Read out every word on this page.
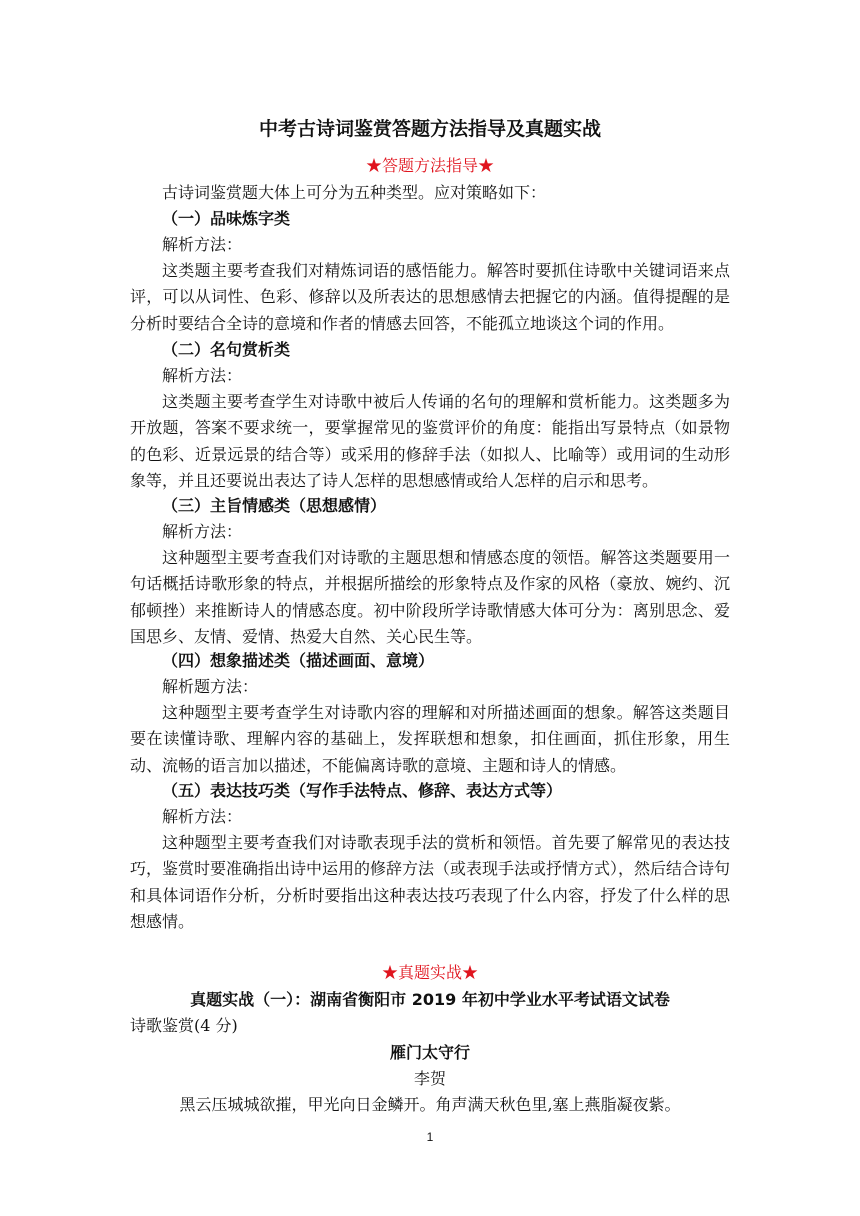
中考古诗词鉴赏答题方法指导及真题实战

★答题方法指导★

古诗词鉴赏题大体上可分为五种类型。应对策略如下：

（一）品味炼字类

解析方法：

这类题主要考查我们对精炼词语的感悟能力。解答时要抓住诗歌中关键词语来点评，可以从词性、色彩、修辞以及所表达的思想感情去把握它的内涵。值得提醒的是分析时要结合全诗的意境和作者的情感去回答，不能孤立地谈这个词的作用。

（二）名句赏析类

解析方法：

这类题主要考查学生对诗歌中被后人传诵的名句的理解和赏析能力。这类题多为开放题，答案不要求统一，要掌握常见的鉴赏评价的角度：能指出写景特点（如景物的色彩、近景远景的结合等）或采用的修辞手法（如拟人、比喻等）或用词的生动形象等，并且还要说出表达了诗人怎样的思想感情或给人怎样的启示和思考。

（三）主旨情感类（思想感情）

解析方法：

这种题型主要考查我们对诗歌的主题思想和情感态度的领悟。解答这类题要用一句话概括诗歌形象的特点，并根据所描绘的形象特点及作家的风格（豪放、婉约、沉郁顿挫）来推断诗人的情感态度。初中阶段所学诗歌情感大体可分为：离别思念、爱国思乡、友情、爱情、热爱大自然、关心民生等。

（四）想象描述类（描述画面、意境）

解析题方法：

这种题型主要考查学生对诗歌内容的理解和对所描述画面的想象。解答这类题目要在读懂诗歌、理解内容的基础上，发挥联想和想象，扣住画面，抓住形象，用生动、流畅的语言加以描述，不能偏离诗歌的意境、主题和诗人的情感。

（五）表达技巧类（写作手法特点、修辞、表达方式等）

解析方法：

这种题型主要考查我们对诗歌表现手法的赏析和领悟。首先要了解常见的表达技巧，鉴赏时要准确指出诗中运用的修辞方法（或表现手法或抒情方式），然后结合诗句和具体词语作分析，分析时要指出这种表达技巧表现了什么内容，抒发了什么样的思想感情。

★真题实战★

真题实战（一）：湖南省衡阳市 2019 年初中学业水平考试语文试卷

诗歌鉴赏(4 分)

雁门太守行

李贺

黑云压城城欲摧，甲光向日金鳞开。角声满天秋色里,塞上燕脂凝夜紫。

1
